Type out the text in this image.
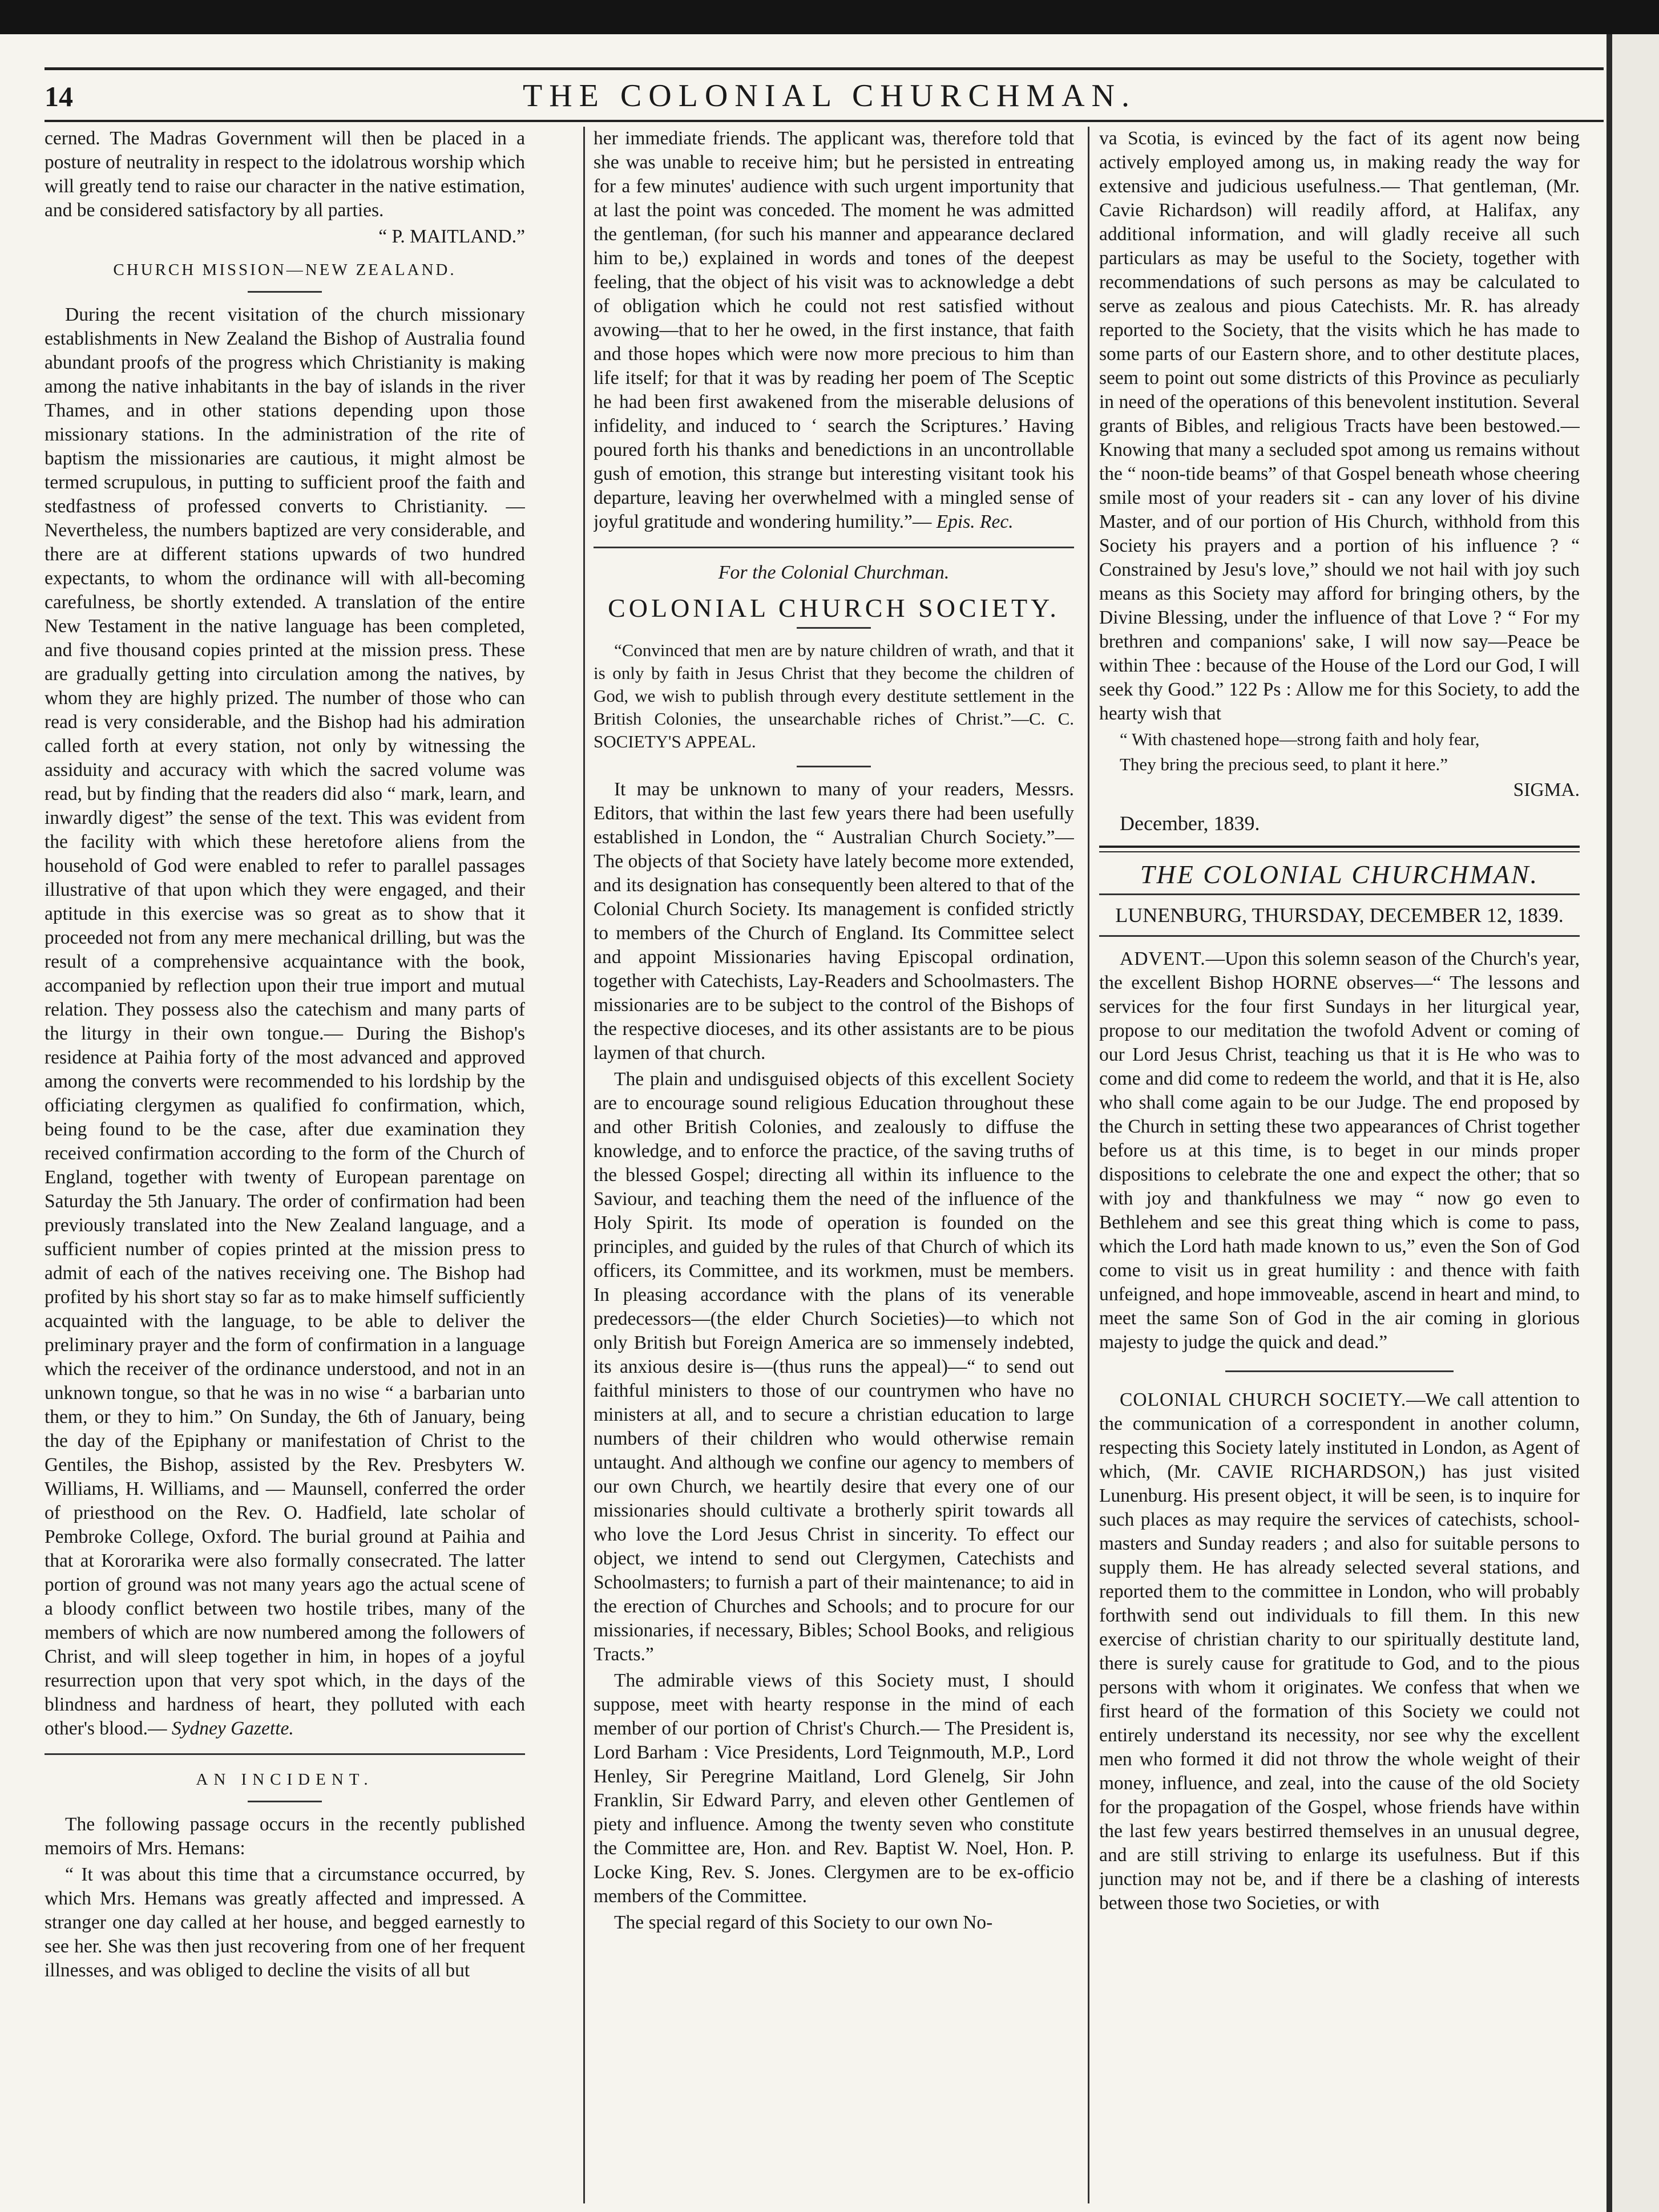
14	THE COLONIAL CHURCHMAN.

cerned. The Madras Government will then be placed in a posture of neutrality in respect to the idolatrous worship which will greatly tend to raise our character in the native estimation, and be considered satisfactory by all parties.

“ P. MAITLAND.”

CHURCH MISSION—NEW ZEALAND.

During the recent visitation of the church missionary establishments in New Zealand the Bishop of Australia found abundant proofs of the progress which Christianity is making among the native inhabitants in the bay of islands in the river Thames, and in other stations depending upon those missionary stations. In the administration of the rite of baptism the missionaries are cautious, it might almost be termed scrupulous, in putting to sufficient proof the faith and stedfastness of professed converts to Christianity. — Nevertheless, the numbers baptized are very considerable, and there are at different stations upwards of two hundred expectants, to whom the ordinance will with all-becoming carefulness, be shortly extended. A translation of the entire New Testament in the native language has been completed, and five thousand copies printed at the mission press. These are gradually getting into circulation among the natives, by whom they are highly prized. The number of those who can read is very considerable, and the Bishop had his admiration called forth at every station, not only by witnessing the assiduity and accuracy with which the sacred volume was read, but by finding that the readers did also “ mark, learn, and inwardly digest” the sense of the text. This was evident from the facility with which these heretofore aliens from the household of God were enabled to refer to parallel passages illustrative of that upon which they were engaged, and their aptitude in this exercise was so great as to show that it proceeded not from any mere mechanical drilling, but was the result of a comprehensive acquaintance with the book, accompanied by reflection upon their true import and mutual relation. They possess also the catechism and many parts of the liturgy in their own tongue.— During the Bishop's residence at Paihia forty of the most advanced and approved among the converts were recommended to his lordship by the officiating clergymen as qualified fo confirmation, which, being found to be the case, after due examination they received confirmation according to the form of the Church of England, together with twenty of European parentage on Saturday the 5th January. The order of confirmation had been previously translated into the New Zealand language, and a sufficient number of copies printed at the mission press to admit of each of the natives receiving one. The Bishop had profited by his short stay so far as to make himself sufficiently acquainted with the language, to be able to deliver the preliminary prayer and the form of confirmation in a language which the receiver of the ordinance understood, and not in an unknown tongue, so that he was in no wise “ a barbarian unto them, or they to him.” On Sunday, the 6th of January, being the day of the Epiphany or manifestation of Christ to the Gentiles, the Bishop, assisted by the Rev. Presbyters W. Williams, H. Williams, and — Maunsell, conferred the order of priesthood on the Rev. O. Hadfield, late scholar of Pembroke College, Oxford. The burial ground at Paihia and that at Kororarika were also formally consecrated. The latter portion of ground was not many years ago the actual scene of a bloody conflict between two hostile tribes, many of the members of which are now numbered among the followers of Christ, and will sleep together in him, in hopes of a joyful resurrection upon that very spot which, in the days of the blindness and hardness of heart, they polluted with each other's blood.— Sydney Gazette.

AN INCIDENT.

The following passage occurs in the recently published memoirs of Mrs. Hemans:

“ It was about this time that a circumstance occurred, by which Mrs. Hemans was greatly affected and impressed. A stranger one day called at her house, and begged earnestly to see her. She was then just recovering from one of her frequent illnesses, and was obliged to decline the visits of all but

her immediate friends. The applicant was, therefore told that she was unable to receive him; but he persisted in entreating for a few minutes' audience with such urgent importunity that at last the point was conceded. The moment he was admitted the gentleman, (for such his manner and appearance declared him to be,) explained in words and tones of the deepest feeling, that the object of his visit was to acknowledge a debt of obligation which he could not rest satisfied without avowing—that to her he owed, in the first instance, that faith and those hopes which were now more precious to him than life itself; for that it was by reading her poem of The Sceptic he had been first awakened from the miserable delusions of infidelity, and induced to ‘ search the Scriptures.’ Having poured forth his thanks and benedictions in an uncontrollable gush of emotion, this strange but interesting visitant took his departure, leaving her overwhelmed with a mingled sense of joyful gratitude and wondering humility.”— Epis. Rec.

For the Colonial Churchman.
COLONIAL CHURCH SOCIETY.

“Convinced that men are by nature children of wrath, and that it is only by faith in Jesus Christ that they become the children of God, we wish to publish through every destitute settlement in the British Colonies, the unsearchable riches of Christ.”—C. C. SOCIETY'S APPEAL.

It may be unknown to many of your readers, Messrs. Editors, that within the last few years there had been usefully established in London, the “ Australian Church Society.”—The objects of that Society have lately become more extended, and its designation has consequently been altered to that of the Colonial Church Society. Its management is confided strictly to members of the Church of England. Its Committee select and appoint Missionaries having Episcopal ordination, together with Catechists, Lay-Readers and Schoolmasters. The missionaries are to be subject to the control of the Bishops of the respective dioceses, and its other assistants are to be pious laymen of that church.

The plain and undisguised objects of this excellent Society are to encourage sound religious Education throughout these and other British Colonies, and zealously to diffuse the knowledge, and to enforce the practice, of the saving truths of the blessed Gospel; directing all within its influence to the Saviour, and teaching them the need of the influence of the Holy Spirit. Its mode of operation is founded on the principles, and guided by the rules of that Church of which its officers, its Committee, and its workmen, must be members. In pleasing accordance with the plans of its venerable predecessors—(the elder Church Societies)—to which not only British but Foreign America are so immensely indebted, its anxious desire is—(thus runs the appeal)—“ to send out faithful ministers to those of our countrymen who have no ministers at all, and to secure a christian education to large numbers of their children who would otherwise remain untaught. And although we confine our agency to members of our own Church, we heartily desire that every one of our missionaries should cultivate a brotherly spirit towards all who love the Lord Jesus Christ in sincerity. To effect our object, we intend to send out Clergymen, Catechists and Schoolmasters; to furnish a part of their maintenance; to aid in the erection of Churches and Schools; and to procure for our missionaries, if necessary, Bibles; School Books, and religious Tracts.”

The admirable views of this Society must, I should suppose, meet with hearty response in the mind of each member of our portion of Christ's Church.— The President is, Lord Barham : Vice Presidents, Lord Teignmouth, M.P., Lord Henley, Sir Peregrine Maitland, Lord Glenelg, Sir John Franklin, Sir Edward Parry, and eleven other Gentlemen of piety and influence. Among the twenty seven who constitute the Committee are, Hon. and Rev. Baptist W. Noel, Hon. P. Locke King, Rev. S. Jones. Clergymen are to be ex-officio members of the Committee.

The special regard of this Society to our own No-

va Scotia, is evinced by the fact of its agent now being actively employed among us, in making ready the way for extensive and judicious usefulness.— That gentleman, (Mr. Cavie Richardson) will readily afford, at Halifax, any additional information, and will gladly receive all such particulars as may be useful to the Society, together with recommendations of such persons as may be calculated to serve as zealous and pious Catechists. Mr. R. has already reported to the Society, that the visits which he has made to some parts of our Eastern shore, and to other destitute places, seem to point out some districts of this Province as peculiarly in need of the operations of this benevolent institution. Several grants of Bibles, and religious Tracts have been bestowed.—Knowing that many a secluded spot among us remains without the “ noon-tide beams” of that Gospel beneath whose cheering smile most of your readers sit - can any lover of his divine Master, and of our portion of His Church, withhold from this Society his prayers and a portion of his influence ? “ Constrained by Jesu's love,” should we not hail with joy such means as this Society may afford for bringing others, by the Divine Blessing, under the influence of that Love ? “ For my brethren and companions' sake, I will now say—Peace be within Thee : because of the House of the Lord our God, I will seek thy Good.” 122 Ps : Allow me for this Society, to add the hearty wish that

“ With chastened hope—strong faith and holy fear,

They bring the precious seed, to plant it here.”

SIGMA.

December, 1839.

THE COLONIAL CHURCHMAN.
LUNENBURG, THURSDAY, DECEMBER 12, 1839.

ADVENT.—Upon this solemn season of the Church's year, the excellent Bishop HORNE observes—“ The lessons and services for the four first Sundays in her liturgical year, propose to our meditation the twofold Advent or coming of our Lord Jesus Christ, teaching us that it is He who was to come and did come to redeem the world, and that it is He, also who shall come again to be our Judge. The end proposed by the Church in setting these two appearances of Christ together before us at this time, is to beget in our minds proper dispositions to celebrate the one and expect the other; that so with joy and thankfulness we may “ now go even to Bethlehem and see this great thing which is come to pass, which the Lord hath made known to us,” even the Son of God come to visit us in great humility : and thence with faith unfeigned, and hope immoveable, ascend in heart and mind, to meet the same Son of God in the air coming in glorious majesty to judge the quick and dead.”

COLONIAL CHURCH SOCIETY.—We call attention to the communication of a correspondent in another column, respecting this Society lately instituted in London, as Agent of which, (Mr. CAVIE RICHARDSON,) has just visited Lunenburg. His present object, it will be seen, is to inquire for such places as may require the services of catechists, school-masters and Sunday readers ; and also for suitable persons to supply them. He has already selected several stations, and reported them to the committee in London, who will probably forthwith send out individuals to fill them. In this new exercise of christian charity to our spiritually destitute land, there is surely cause for gratitude to God, and to the pious persons with whom it originates. We confess that when we first heard of the formation of this Society we could not entirely understand its necessity, nor see why the excellent men who formed it did not throw the whole weight of their money, influence, and zeal, into the cause of the old Society for the propagation of the Gospel, whose friends have within the last few years bestirred themselves in an unusual degree, and are still striving to enlarge its usefulness. But if this junction may not be, and if there be a clashing of interests between those two Societies, or with
